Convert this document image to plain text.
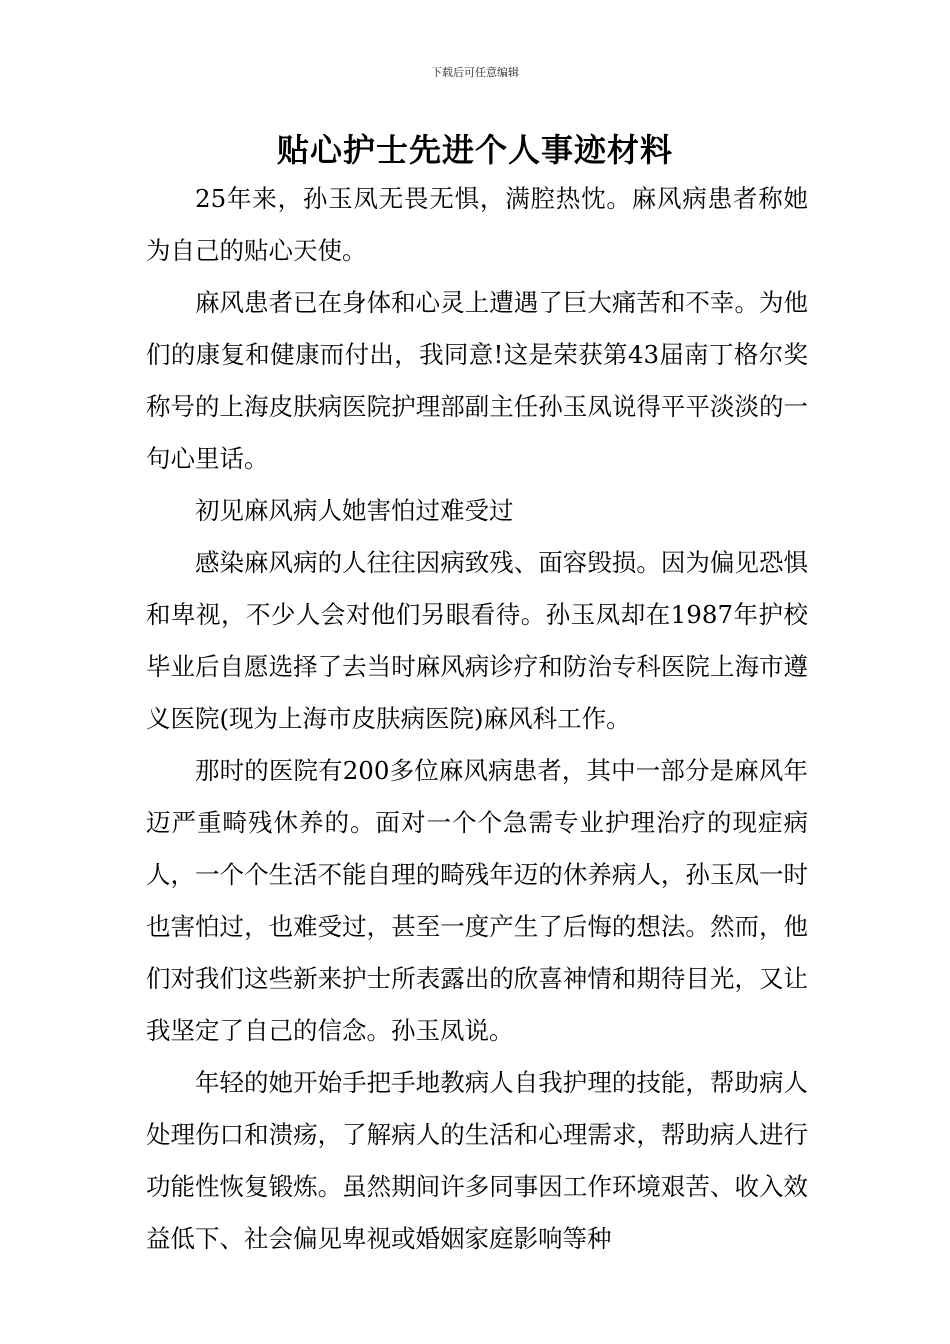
下载后可任意编辑
贴心护士先进个人事迹材料

25年来，孙玉凤无畏无惧，满腔热忱。麻风病患者称她为自己的贴心天使。

麻风患者已在身体和心灵上遭遇了巨大痛苦和不幸。为他们的康复和健康而付出，我同意!这是荣获第43届南丁格尔奖称号的上海皮肤病医院护理部副主任孙玉凤说得平平淡淡的一句心里话。

初见麻风病人她害怕过难受过

感染麻风病的人往往因病致残、面容毁损。因为偏见恐惧和卑视，不少人会对他们另眼看待。孙玉凤却在1987年护校毕业后自愿选择了去当时麻风病诊疗和防治专科医院上海市遵义医院(现为上海市皮肤病医院)麻风科工作。

那时的医院有200多位麻风病患者，其中一部分是麻风年迈严重畸残休养的。面对一个个急需专业护理治疗的现症病人，一个个生活不能自理的畸残年迈的休养病人，孙玉凤一时也害怕过，也难受过，甚至一度产生了后悔的想法。然而，他们对我们这些新来护士所表露出的欣喜神情和期待目光，又让我坚定了自己的信念。孙玉凤说。

年轻的她开始手把手地教病人自我护理的技能，帮助病人处理伤口和溃疡，了解病人的生活和心理需求，帮助病人进行功能性恢复锻炼。虽然期间许多同事因工作环境艰苦、收入效益低下、社会偏见卑视或婚姻家庭影响等种
